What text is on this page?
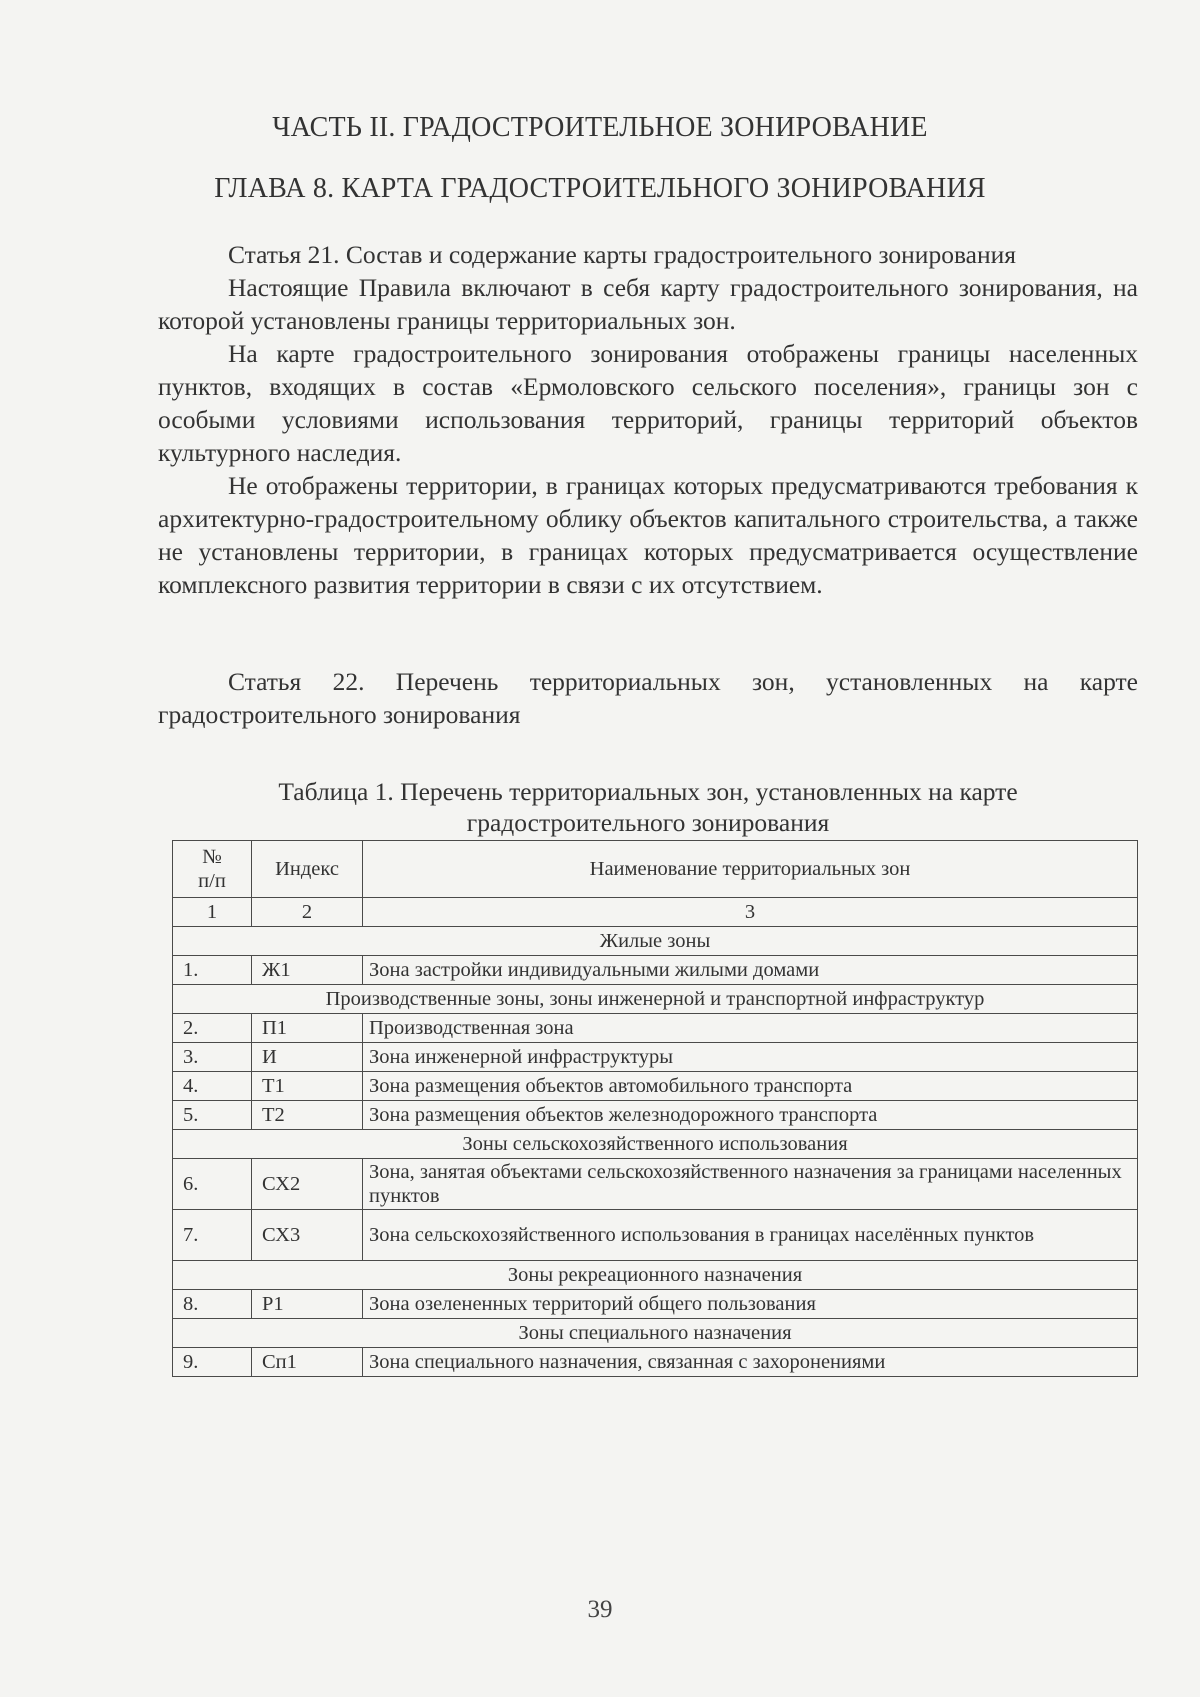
ЧАСТЬ II. ГРАДОСТРОИТЕЛЬНОЕ ЗОНИРОВАНИЕ
ГЛАВА 8. КАРТА ГРАДОСТРОИТЕЛЬНОГО ЗОНИРОВАНИЯ
Статья 21. Состав и содержание карты градостроительного зонирования
Настоящие Правила включают в себя карту градостроительного зонирования, на которой установлены границы территориальных зон.
На карте градостроительного зонирования отображены границы населенных пунктов, входящих в состав «Ермоловского сельского поселения», границы зон с особыми условиями использования территорий, границы территорий объектов культурного наследия.
Не отображены территории, в границах которых предусматриваются требования к архитектурно-градостроительному облику объектов капитального строительства, а также не установлены территории, в границах которых предусматривается осуществление комплексного развития территории в связи с их отсутствием.
Статья 22. Перечень территориальных зон, установленных на карте градостроительного зонирования
Таблица 1. Перечень территориальных зон, установленных на карте
градостроительного зонирования
№
п/п	Индекс	Наименование территориальных зон
1	2	3
Жилые зоны		
1.	Ж1	Зона застройки индивидуальными жилыми домами
Производственные зоны, зоны инженерной и транспортной инфраструктур		
2.	П1	Производственная зона
3.	И	Зона инженерной инфраструктуры
4.	Т1	Зона размещения объектов автомобильного транспорта
5.	Т2	Зона размещения объектов железнодорожного транспорта
Зоны сельскохозяйственного использования		
6.	СХ2	Зона, занятая объектами сельскохозяйственного назначения за границами населенных пунктов
7.	СХ3	Зона сельскохозяйственного использования в границах населённых пунктов
Зоны рекреационного назначения		
8.	Р1	Зона озелененных территорий общего пользования
Зоны специального назначения		
9.	Сп1	Зона специального назначения, связанная с захоронениями
39
